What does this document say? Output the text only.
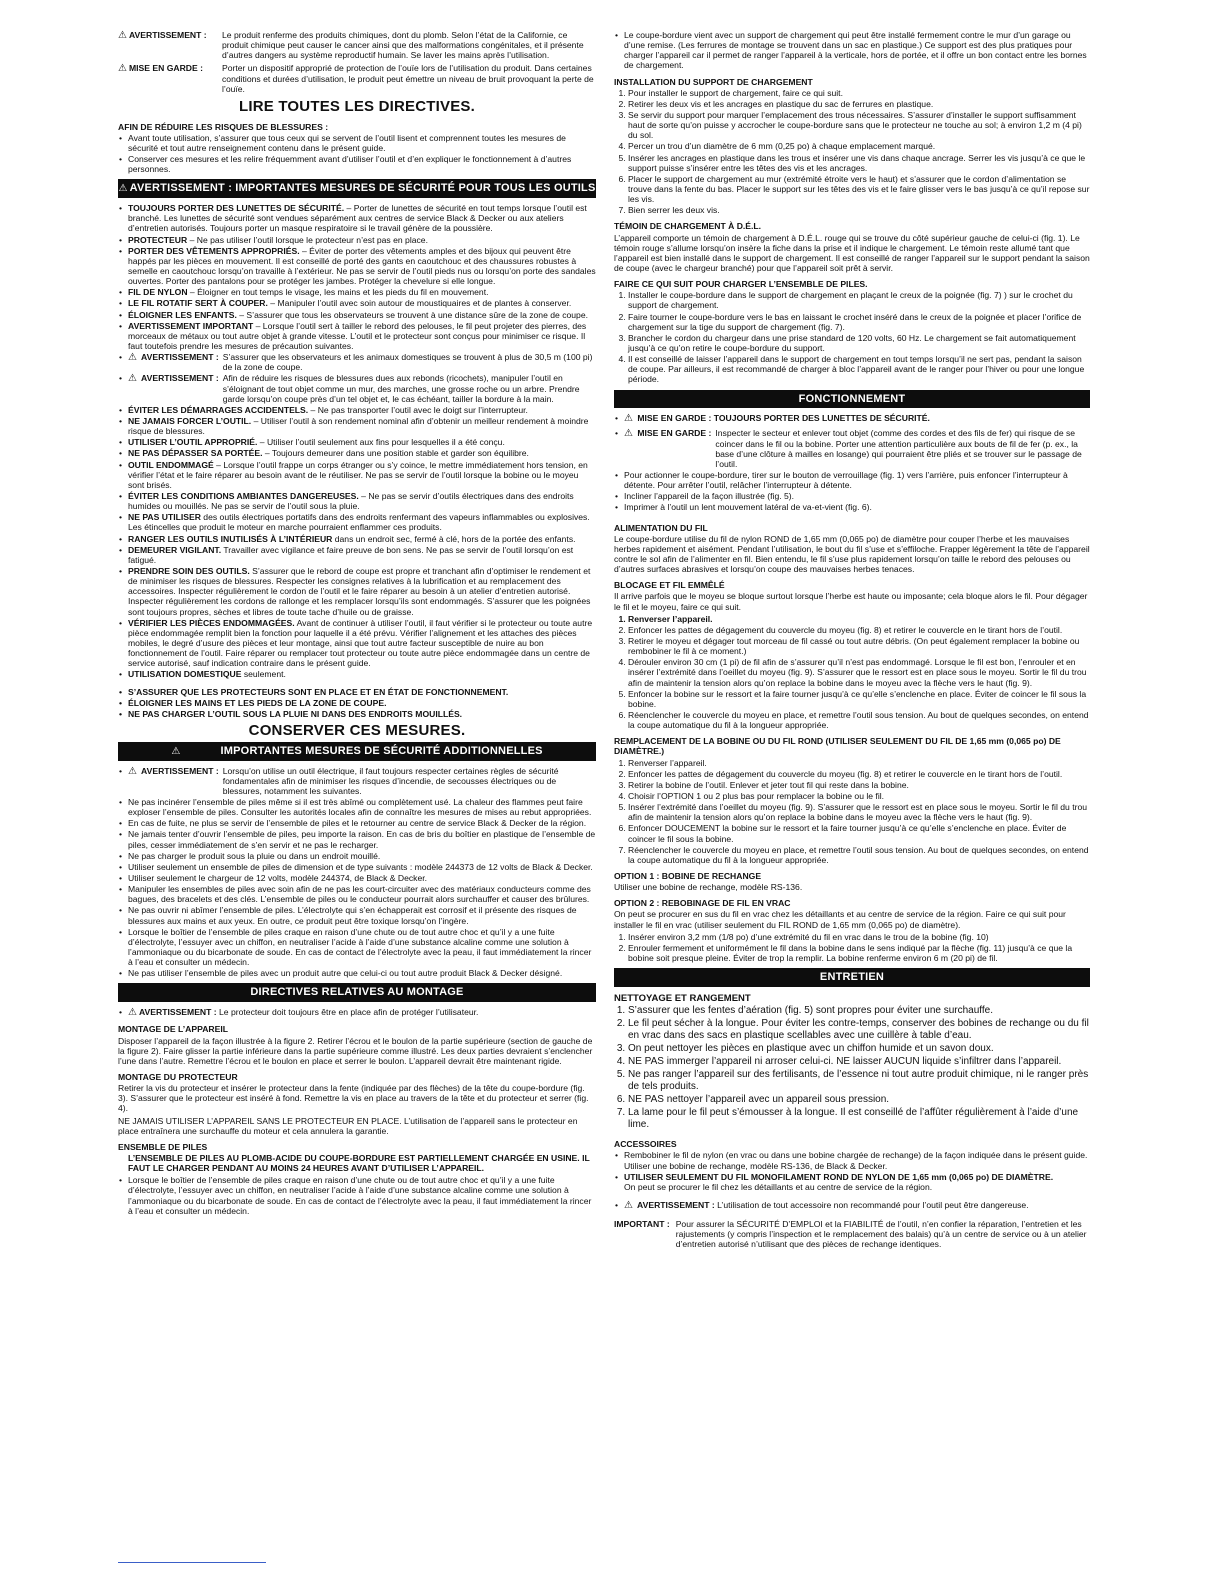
⚠ AVERTISSEMENT :	Le produit renferme des produits chimiques, dont du plomb. Selon l’état de la Californie, ce produit chimique peut causer le cancer ainsi que des malformations congénitales, et il présente d’autres dangers au système reproductif humain. Se laver les mains après l’utilisation.
⚠ MISE EN GARDE :	Porter un dispositif approprié de protection de l’ouïe lors de l’utilisation du produit. Dans certaines conditions et durées d’utilisation, le produit peut émettre un niveau de bruit provoquant la perte de l’ouïe.
LIRE TOUTES LES DIRECTIVES.
AFIN DE RÉDUIRE LES RISQUES DE BLESSURES :
• Avant toute utilisation, s’assurer que tous ceux qui se servent de l’outil lisent et comprennent toutes les mesures de sécurité et tout autre renseignement contenu dans le présent guide.
• Conserver ces mesures et les relire fréquemment avant d’utiliser l’outil et d’en expliquer le fonctionnement à d’autres personnes.
⚠AVERTISSEMENT : IMPORTANTES MESURES DE SÉCURITÉ POUR TOUS LES OUTILS
• TOUJOURS PORTER DES LUNETTES DE SÉCURITÉ. – Porter de lunettes de sécurité en tout temps lorsque l’outil est branché. Les lunettes de sécurité sont vendues séparément aux centres de service Black & Decker ou aux ateliers d’entretien autorisés. Toujours porter un masque respiratoire si le travail génère de la poussière.
• PROTECTEUR – Ne pas utiliser l’outil lorsque le protecteur n’est pas en place.
• PORTER DES VÊTEMENTS APPROPRIÉS. – Éviter de porter des vêtements amples et des bijoux qui peuvent être happés par les pièces en mouvement. Il est conseillé de porté des gants en caoutchouc et des chaussures robustes à semelle en caoutchouc lorsqu’on travaille à l’extérieur. Ne pas se servir de l’outil pieds nus ou lorsqu’on porte des sandales ouvertes. Porter des pantalons pour se protéger les jambes. Protéger la chevelure si elle longue.
• FIL DE NYLON – Éloigner en tout temps le visage, les mains et les pieds du fil en mouvement.
• LE FIL ROTATIF SERT À COUPER. – Manipuler l’outil avec soin autour de moustiquaires et de plantes à conserver.
• ÉLOIGNER LES ENFANTS. – S’assurer que tous les observateurs se trouvent à une distance sûre de la zone de coupe.
• AVERTISSEMENT IMPORTANT – Lorsque l’outil sert à tailler le rebord des pelouses, le fil peut projeter des pierres, des morceaux de métaux ou tout autre objet à grande vitesse. L’outil et le protecteur sont conçus pour minimiser ce risque. Il faut toutefois prendre les mesures de précaution suivantes.
• ⚠ AVERTISSEMENT : S’assurer que les observateurs et les animaux domestiques se trouvent à plus de 30,5 m (100 pi) de la zone de coupe.
• ⚠ AVERTISSEMENT : Afin de réduire les risques de blessures dues aux rebonds (ricochets), manipuler l’outil en s’éloignant de tout objet comme un mur, des marches, une grosse roche ou un arbre. Prendre garde lorsqu’on coupe près d’un tel objet et, le cas échéant, tailler la bordure à la main.
• ÉVITER LES DÉMARRAGES ACCIDENTELS. – Ne pas transporter l’outil avec le doigt sur l’interrupteur.
• NE JAMAIS FORCER L’OUTIL. – Utiliser l’outil à son rendement nominal afin d’obtenir un meilleur rendement à moindre risque de blessures.
• UTILISER L’OUTIL APPROPRIÉ. – Utiliser l’outil seulement aux fins pour lesquelles il a été conçu.
• NE PAS DÉPASSER SA PORTÉE. – Toujours demeurer dans une position stable et garder son équilibre.
• OUTIL ENDOMMAGÉ – Lorsque l’outil frappe un corps étranger ou s’y coince, le mettre immédiatement hors tension, en vérifier l’état et le faire réparer au besoin avant de le réutiliser. Ne pas se servir de l’outil lorsque la bobine ou le moyeu sont brisés.
• ÉVITER LES CONDITIONS AMBIANTES DANGEREUSES. – Ne pas se servir d’outils électriques dans des endroits humides ou mouillés. Ne pas se servir de l’outil sous la pluie.
• NE PAS UTILISER des outils électriques portatifs dans des endroits renfermant des vapeurs inflammables ou explosives. Les étincelles que produit le moteur en marche pourraient enflammer ces produits.
• RANGER LES OUTILS INUTILISÉS À L’INTÉRIEUR dans un endroit sec, fermé à clé, hors de la portée des enfants.
• DEMEURER VIGILANT. Travailler avec vigilance et faire preuve de bon sens. Ne pas se servir de l’outil lorsqu’on est fatigué.
• PRENDRE SOIN DES OUTILS. S’assurer que le rebord de coupe est propre et tranchant afin d’optimiser le rendement et de minimiser les risques de blessures. Respecter les consignes relatives à la lubrification et au remplacement des accessoires. Inspecter régulièrement le cordon de l’outil et le faire réparer au besoin à un atelier d’entretien autorisé. Inspecter régulièrement les cordons de rallonge et les remplacer lorsqu’ils sont endommagés. S’assurer que les poignées sont toujours propres, sèches et libres de toute tache d’huile ou de graisse.
• VÉRIFIER LES PIÈCES ENDOMMAGÉES. Avant de continuer à utiliser l’outil, il faut vérifier si le protecteur ou toute autre pièce endommagée remplit bien la fonction pour laquelle il a été prévu. Vérifier l’alignement et les attaches des pièces mobiles, le degré d’usure des pièces et leur montage, ainsi que tout autre facteur susceptible de nuire au bon fonctionnement de l’outil. Faire réparer ou remplacer tout protecteur ou toute autre pièce endommagée dans un centre de service autorisé, sauf indication contraire dans le présent guide.
• UTILISATION DOMESTIQUE seulement.
• S’ASSURER QUE LES PROTECTEURS SONT EN PLACE ET EN ÉTAT DE FONCTIONNEMENT.
• ÉLOIGNER LES MAINS ET LES PIEDS DE LA ZONE DE COUPE.
• NE PAS CHARGER L’OUTIL SOUS LA PLUIE NI DANS DES ENDROITS MOUILLÉS.
CONSERVER CES MESURES.
⚠	IMPORTANTES MESURES DE SÉCURITÉ ADDITIONNELLES
• ⚠ AVERTISSEMENT : Lorsqu’on utilise un outil électrique, il faut toujours respecter certaines règles de sécurité fondamentales afin de minimiser les risques d’incendie, de secousses électriques ou de blessures, notamment les suivantes.
• Ne pas incinérer l’ensemble de piles même si il est très abîmé ou complètement usé. La chaleur des flammes peut faire exploser l’ensemble de piles. Consulter les autorités locales afin de connaître les mesures de mises au rebut appropriées.
• En cas de fuite, ne plus se servir de l’ensemble de piles et le retourner au centre de service Black & Decker de la région.
• Ne jamais tenter d’ouvrir l’ensemble de piles, peu importe la raison. En cas de bris du boîtier en plastique de l’ensemble de piles, cesser immédiatement de s’en servir et ne pas le recharger.
• Ne pas charger le produit sous la pluie ou dans un endroit mouillé.
• Utiliser seulement un ensemble de piles de dimension et de type suivants : modèle 244373 de 12 volts de Black & Decker.
• Utiliser seulement le chargeur de 12 volts, modèle 244374, de Black & Decker.
• Manipuler les ensembles de piles avec soin afin de ne pas les court-circuiter avec des matériaux conducteurs comme des bagues, des bracelets et des clés. L’ensemble de piles ou le conducteur pourrait alors surchauffer et causer des brûlures.
• Ne pas ouvrir ni abîmer l’ensemble de piles. L’électrolyte qui s’en échapperait est corrosif et il présente des risques de blessures aux mains et aux yeux. En outre, ce produit peut être toxique lorsqu’on l’ingère.
• Lorsque le boîtier de l’ensemble de piles craque en raison d’une chute ou de tout autre choc et qu’il y a une fuite d’électrolyte, l’essuyer avec un chiffon, en neutraliser l’acide à l’aide d’une substance alcaline comme une solution à l’ammoniaque ou du bicarbonate de soude. En cas de contact de l’électrolyte avec la peau, il faut immédiatement la rincer à l’eau et consulter un médecin.
• Ne pas utiliser l’ensemble de piles avec un produit autre que celui-ci ou tout autre produit Black & Decker désigné.
DIRECTIVES RELATIVES AU MONTAGE
• ⚠ AVERTISSEMENT : Le protecteur doit toujours être en place afin de protéger l’utilisateur.
MONTAGE DE L’APPAREIL

Disposer l’appareil de la façon illustrée à la figure 2. Retirer l’écrou et le boulon de la partie supérieure (section de gauche de la figure 2). Faire glisser la partie inférieure dans la partie supérieure comme illustré. Les deux parties devraient s’enclencher l’une dans l’autre. Remettre l’écrou et le boulon en place et serrer le boulon. L’appareil devrait être maintenant rigide.

MONTAGE DU PROTECTEUR

Retirer la vis du protecteur et insérer le protecteur dans la fente (indiquée par des flèches) de la tête du coupe-bordure (fig. 3). S’assurer que le protecteur est inséré à fond. Remettre la vis en place au travers de la tête et du protecteur et serrer (fig. 4).

NE JAMAIS UTILISER L’APPAREIL SANS LE PROTECTEUR EN PLACE. L’utilisation de l’appareil sans le protecteur en place entraînera une surchauffe du moteur et cela annulera la garantie.

ENSEMBLE DE PILES

L’ENSEMBLE DE PILES AU PLOMB-ACIDE DU COUPE-BORDURE EST PARTIELLEMENT CHARGÉE EN USINE. IL FAUT LE CHARGER PENDANT AU MOINS 24 HEURES AVANT D’UTILISER L’APPAREIL.

• Lorsque le boîtier de l’ensemble de piles craque en raison d’une chute ou de tout autre choc et qu’il y a une fuite d’électrolyte, l’essuyer avec un chiffon, en neutraliser l’acide à l’aide d’une substance alcaline comme une solution à l’ammoniaque ou du bicarbonate de soude. En cas de contact de l’électrolyte avec la peau, il faut immédiatement la rincer à l’eau et consulter un médecin.
• Le coupe-bordure vient avec un support de chargement qui peut être installé fermement contre le mur d’un garage ou d’une remise. (Les ferrures de montage se trouvent dans un sac en plastique.) Ce support est des plus pratiques pour charger l’appareil car il permet de ranger l’appareil à la verticale, hors de portée, et il offre un bon contact entre les bornes de chargement.
INSTALLATION DU SUPPORT DE CHARGEMENT
1. Pour installer le support de chargement, faire ce qui suit.
2. Retirer les deux vis et les ancrages en plastique du sac de ferrures en plastique.
3. Se servir du support pour marquer l’emplacement des trous nécessaires. S’assurer d’installer le support suffisamment haut de sorte qu’on puisse y accrocher le coupe-bordure sans que le protecteur ne touche au sol; à environ 1,2 m (4 pi) du sol.
4. Percer un trou d’un diamètre de 6 mm (0,25 po) à chaque emplacement marqué.
5. Insérer les ancrages en plastique dans les trous et insérer une vis dans chaque ancrage. Serrer les vis jusqu’à ce que le support puisse s’insérer entre les têtes des vis et les ancrages.
6. Placer le support de chargement au mur (extrémité étroite vers le haut) et s’assurer que le cordon d’alimentation se trouve dans la fente du bas. Placer le support sur les têtes des vis et le faire glisser vers le bas jusqu’à ce qu’il repose sur les vis.
7. Bien serrer les deux vis.
TÉMOIN DE CHARGEMENT À D.É.L.

L’appareil comporte un témoin de chargement à D.É.L. rouge qui se trouve du côté supérieur gauche de celui-ci (fig. 1). Le témoin rouge s’allume lorsqu’on insère la fiche dans la prise et il indique le chargement. Le témoin reste allumé tant que l’appareil est bien installé dans le support de chargement. Il est conseillé de ranger l’appareil sur le support pendant la saison de coupe (avec le chargeur branché) pour que l’appareil soit prêt à servir.

FAIRE CE QUI SUIT POUR CHARGER L’ENSEMBLE DE PILES.
1. Installer le coupe-bordure dans le support de chargement en plaçant le creux de la poignée (fig. 7) ) sur le crochet du support de chargement.
2. Faire tourner le coupe-bordure vers le bas en laissant le crochet inséré dans le creux de la poignée et placer l’orifice de chargement sur la tige du support de chargement (fig. 7).
3. Brancher le cordon du chargeur dans une prise standard de 120 volts, 60 Hz. Le chargement se fait automatiquement jusqu’à ce qu’on retire le coupe-bordure du support.
4. Il est conseillé de laisser l’appareil dans le support de chargement en tout temps lorsqu’il ne sert pas, pendant la saison de coupe. Par ailleurs, il est recommandé de charger à bloc l’appareil avant de le ranger pour l’hiver ou pour une longue période.
FONCTIONNEMENT
• ⚠ MISE EN GARDE : TOUJOURS PORTER DES LUNETTES DE SÉCURITÉ.
• ⚠ MISE EN GARDE : Inspecter le secteur et enlever tout objet (comme des cordes et des fils de fer) qui risque de se coincer dans le fil ou la bobine. Porter une attention particulière aux bouts de fil de fer (p. ex., la base d’une clôture à mailles en losange) qui pourraient être pliés et se trouver sur le passage de l’outil.
• Pour actionner le coupe-bordure, tirer sur le bouton de verrouillage (fig. 1) vers l’arrière, puis enfoncer l’interrupteur à détente. Pour arrêter l’outil, relâcher l’interrupteur à détente.
• Incliner l’appareil de la façon illustrée (fig. 5).
• Imprimer à l’outil un lent mouvement latéral de va-et-vient (fig. 6).
ALIMENTATION DU FIL

Le coupe-bordure utilise du fil de nylon ROND de 1,65 mm (0,065 po) de diamètre pour couper l’herbe et les mauvaises herbes rapidement et aisément. Pendant l’utilisation, le bout du fil s’use et s’effiloche. Frapper légèrement la tête de l’appareil contre le sol afin de l’alimenter en fil. Bien entendu, le fil s’use plus rapidement lorsqu’on taille le rebord des pelouses ou d’autres surfaces abrasives et lorsqu’on coupe des mauvaises herbes tenaces.

BLOCAGE ET FIL EMMÊLÉ

Il arrive parfois que le moyeu se bloque surtout lorsque l’herbe est haute ou imposante; cela bloque alors le fil. Pour dégager le fil et le moyeu, faire ce qui suit.

1. Renverser l’appareil.
2. Enfoncer les pattes de dégagement du couvercle du moyeu (fig. 8) et retirer le couvercle en le tirant hors de l’outil.
3. Retirer le moyeu et dégager tout morceau de fil cassé ou tout autre débris. (On peut également remplacer la bobine ou rembobiner le fil à ce moment.)
4. Dérouler environ 30 cm (1 pi) de fil afin de s’assurer qu’il n’est pas endommagé. Lorsque le fil est bon, l’enrouler et en insérer l’extrémité dans l’oeillet du moyeu (fig. 9). S’assurer que le ressort est en place sous le moyeu. Sortir le fil du trou afin de maintenir la tension alors qu’on replace la bobine dans le moyeu avec la flèche vers le haut (fig. 9).
5. Enfoncer la bobine sur le ressort et la faire tourner jusqu’à ce qu’elle s’enclenche en place. Éviter de coincer le fil sous la bobine.
6. Réenclencher le couvercle du moyeu en place, et remettre l’outil sous tension. Au bout de quelques secondes, on entend la coupe automatique du fil à la longueur appropriée.
REMPLACEMENT DE LA BOBINE OU DU FIL ROND (UTILISER SEULEMENT DU FIL DE 1,65 mm (0,065 po) DE DIAMÈTRE.)
1. Renverser l’appareil.
2. Enfoncer les pattes de dégagement du couvercle du moyeu (fig. 8) et retirer le couvercle en le tirant hors de l’outil.
3. Retirer la bobine de l’outil. Enlever et jeter tout fil qui reste dans la bobine.
4. Choisir l’OPTION 1 ou 2 plus bas pour remplacer la bobine ou le fil.
5. Insérer l’extrémité dans l’oeillet du moyeu (fig. 9). S’assurer que le ressort est en place sous le moyeu. Sortir le fil du trou afin de maintenir la tension alors qu’on replace la bobine dans le moyeu avec la flèche vers le haut (fig. 9).
6. Enfoncer DOUCEMENT la bobine sur le ressort et la faire tourner jusqu’à ce qu’elle s’enclenche en place. Éviter de coincer le fil sous la bobine.
7. Réenclencher le couvercle du moyeu en place, et remettre l’outil sous tension. Au bout de quelques secondes, on entend la coupe automatique du fil à la longueur appropriée.
OPTION 1 : BOBINE DE RECHANGE

Utiliser une bobine de rechange, modèle RS-136.

OPTION 2 : REBOBINAGE DE FIL EN VRAC

On peut se procurer en sus du fil en vrac chez les détaillants et au centre de service de la région. Faire ce qui suit pour installer le fil en vrac (utiliser seulement du FIL ROND de 1,65 mm (0,065 po) de diamètre).

1. Insérer environ 3,2 mm (1/8 po) d’une extrémité du fil en vrac dans le trou de la bobine (fig. 10)
2. Enrouler fermement et uniformément le fil dans la bobine dans le sens indiqué par la flèche (fig. 11) jusqu’à ce que la bobine soit presque pleine. Éviter de trop la remplir. La bobine renferme environ 6 m (20 pi) de fil.
ENTRETIEN
NETTOYAGE ET RANGEMENT
1. S’assurer que les fentes d’aération (fig. 5) sont propres pour éviter une surchauffe.
2. Le fil peut sécher à la longue. Pour éviter les contre-temps, conserver des bobines de rechange ou du fil en vrac dans des sacs en plastique scellables avec une cuillère à table d’eau.
3. On peut nettoyer les pièces en plastique avec un chiffon humide et un savon doux.
4. NE PAS immerger l’appareil ni arroser celui-ci. NE laisser AUCUN liquide s’infiltrer dans l’appareil.
5. Ne pas ranger l’appareil sur des fertilisants, de l’essence ni tout autre produit chimique, ni le ranger près de tels produits.
6. NE PAS nettoyer l’appareil avec un appareil sous pression.
7. La lame pour le fil peut s’émousser à la longue. Il est conseillé de l’affûter régulièrement à l’aide d’une lime.
ACCESSOIRES
• Rembobiner le fil de nylon (en vrac ou dans une bobine chargée de rechange) de la façon indiquée dans le présent guide. Utiliser une bobine de rechange, modèle RS-136, de Black & Decker.
• UTILISER SEULEMENT DU FIL MONOFILAMENT ROND DE NYLON DE 1,65 mm (0,065 po) DE DIAMÈTRE.
On peut se procurer le fil chez les détaillants et au centre de service de la région.
• ⚠ AVERTISSEMENT : L’utilisation de tout accessoire non recommandé pour l’outil peut être dangereuse.
IMPORTANT : Pour assurer la SÉCURITÉ D’EMPLOI et la FIABILITÉ de l’outil, n’en confier la réparation, l’entretien et les rajustements (y compris l’inspection et le remplacement des balais) qu’à un centre de service ou à un atelier d’entretien autorisé n’utilisant que des pièces de rechange identiques.
